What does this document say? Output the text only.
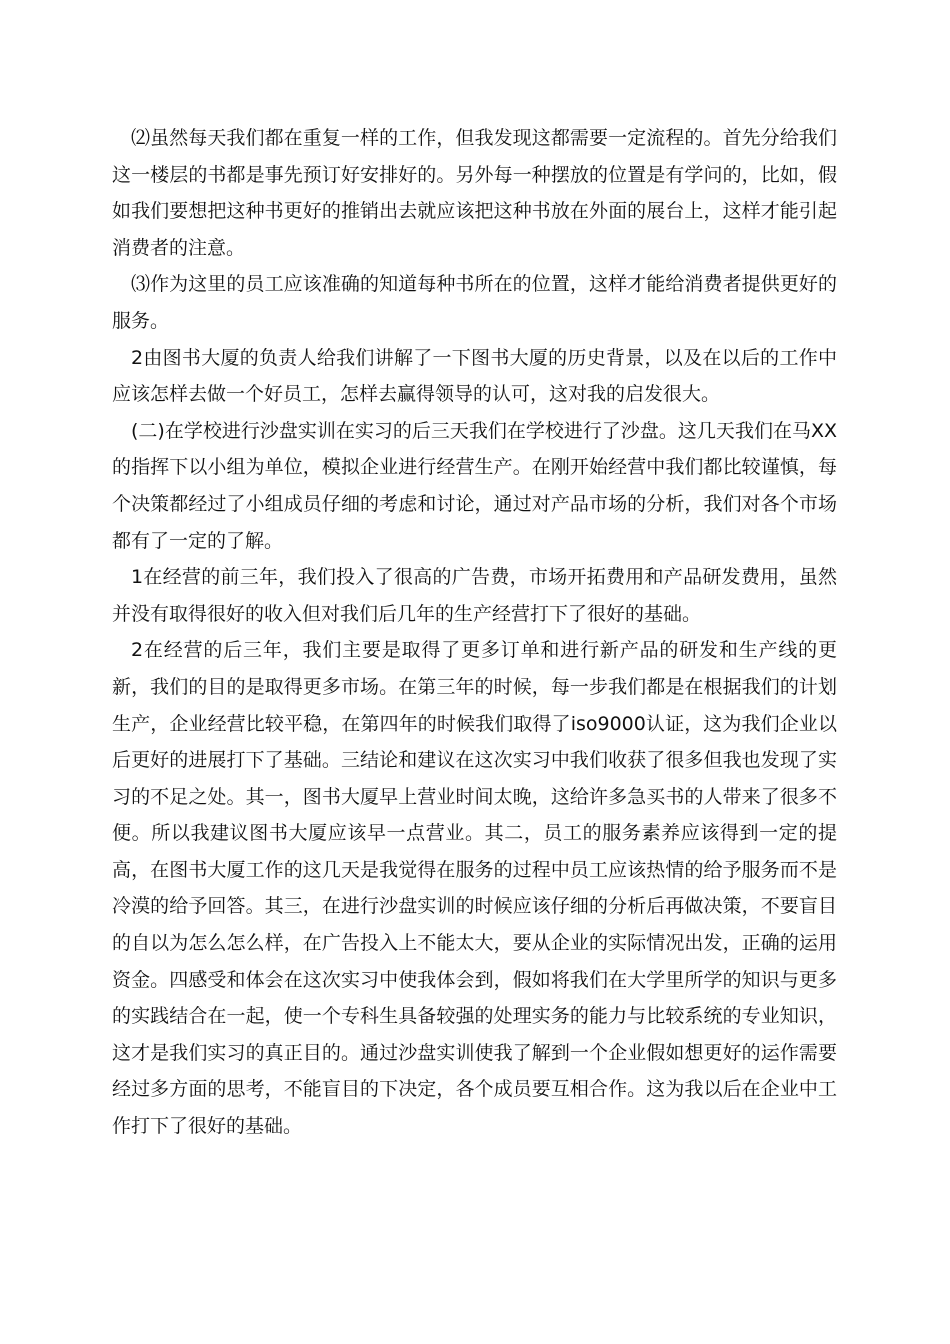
⑵虽然每天我们都在重复一样的工作，但我发现这都需要一定流程的。首先分给我们这一楼层的书都是事先预订好安排好的。另外每一种摆放的位置是有学问的，比如，假如我们要想把这种书更好的推销出去就应该把这种书放在外面的展台上，这样才能引起消费者的注意。

⑶作为这里的员工应该准确的知道每种书所在的位置，这样才能给消费者提供更好的服务。

2由图书大厦的负责人给我们讲解了一下图书大厦的历史背景，以及在以后的工作中应该怎样去做一个好员工，怎样去赢得领导的认可，这对我的启发很大。

(二)在学校进行沙盘实训在实习的后三天我们在学校进行了沙盘。这几天我们在马XX的指挥下以小组为单位，模拟企业进行经营生产。在刚开始经营中我们都比较谨慎，每个决策都经过了小组成员仔细的考虑和讨论，通过对产品市场的分析，我们对各个市场都有了一定的了解。

1在经营的前三年，我们投入了很高的广告费，市场开拓费用和产品研发费用，虽然并没有取得很好的收入但对我们后几年的生产经营打下了很好的基础。

2在经营的后三年，我们主要是取得了更多订单和进行新产品的研发和生产线的更新，我们的目的是取得更多市场。在第三年的时候，每一步我们都是在根据我们的计划生产，企业经营比较平稳，在第四年的时候我们取得了iso9000认证，这为我们企业以后更好的进展打下了基础。三结论和建议在这次实习中我们收获了很多但我也发现了实习的不足之处。其一，图书大厦早上营业时间太晚，这给许多急买书的人带来了很多不便。所以我建议图书大厦应该早一点营业。其二，员工的服务素养应该得到一定的提高，在图书大厦工作的这几天是我觉得在服务的过程中员工应该热情的给予服务而不是冷漠的给予回答。其三，在进行沙盘实训的时候应该仔细的分析后再做决策，不要盲目的自以为怎么怎么样，在广告投入上不能太大，要从企业的实际情况出发，正确的运用资金。四感受和体会在这次实习中使我体会到，假如将我们在大学里所学的知识与更多的实践结合在一起，使一个专科生具备较强的处理实务的能力与比较系统的专业知识，这才是我们实习的真正目的。通过沙盘实训使我了解到一个企业假如想更好的运作需要经过多方面的思考，不能盲目的下决定，各个成员要互相合作。这为我以后在企业中工作打下了很好的基础。
